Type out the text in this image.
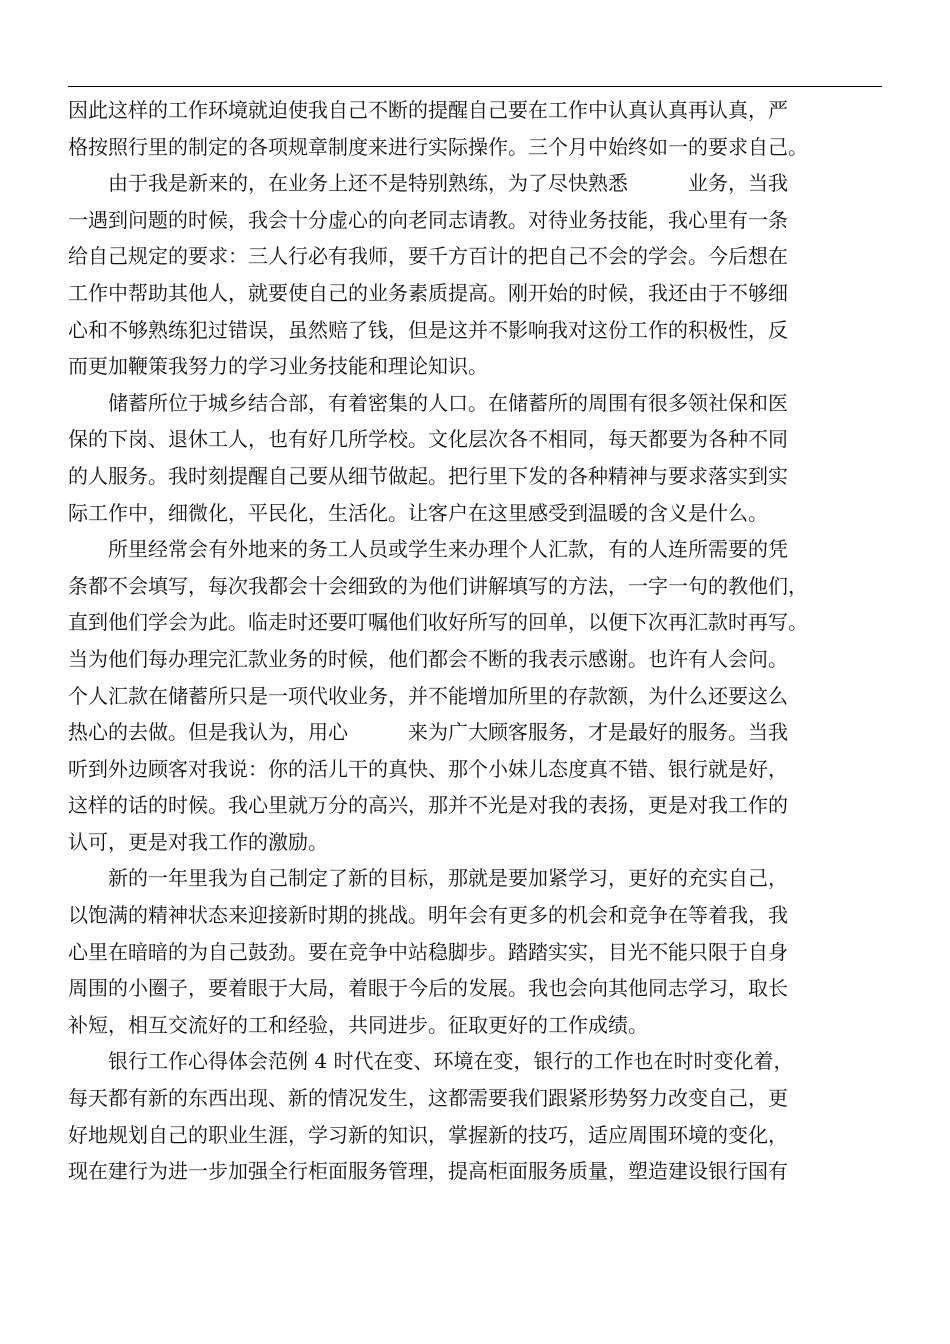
因此这样的工作环境就迫使我自己不断的提醒自己要在工作中认真认真再认真，严
格按照行里的制定的各项规章制度来进行实际操作。三个月中始终如一的要求自己。
由于我是新来的，在业务上还不是特别熟练，为了尽快熟悉　　　业务，当我
一遇到问题的时候，我会十分虚心的向老同志请教。对待业务技能，我心里有一条
给自己规定的要求：三人行必有我师，要千方百计的把自己不会的学会。今后想在
工作中帮助其他人，就要使自己的业务素质提高。刚开始的时候，我还由于不够细
心和不够熟练犯过错误，虽然赔了钱，但是这并不影响我对这份工作的积极性，反
而更加鞭策我努力的学习业务技能和理论知识。
储蓄所位于城乡结合部，有着密集的人口。在储蓄所的周围有很多领社保和医
保的下岗、退休工人，也有好几所学校。文化层次各不相同，每天都要为各种不同
的人服务。我时刻提醒自己要从细节做起。把行里下发的各种精神与要求落实到实
际工作中，细微化，平民化，生活化。让客户在这里感受到温暖的含义是什么。
所里经常会有外地来的务工人员或学生来办理个人汇款，有的人连所需要的凭
条都不会填写，每次我都会十会细致的为他们讲解填写的方法，一字一句的教他们，
直到他们学会为此。临走时还要叮嘱他们收好所写的回单，以便下次再汇款时再写。
当为他们每办理完汇款业务的时候，他们都会不断的我表示感谢。也许有人会问。
个人汇款在储蓄所只是一项代收业务，并不能增加所里的存款额，为什么还要这么
热心的去做。但是我认为，用心　　　来为广大顾客服务，才是最好的服务。当我
听到外边顾客对我说：你的活儿干的真快、那个小妹儿态度真不错、银行就是好，
这样的话的时候。我心里就万分的高兴，那并不光是对我的表扬，更是对我工作的
认可，更是对我工作的激励。
新的一年里我为自己制定了新的目标，那就是要加紧学习，更好的充实自己，
以饱满的精神状态来迎接新时期的挑战。明年会有更多的机会和竞争在等着我，我
心里在暗暗的为自己鼓劲。要在竞争中站稳脚步。踏踏实实，目光不能只限于自身
周围的小圈子，要着眼于大局，着眼于今后的发展。我也会向其他同志学习，取长
补短，相互交流好的工和经验，共同进步。征取更好的工作成绩。
银行工作心得体会范例 4 时代在变、环境在变，银行的工作也在时时变化着，
每天都有新的东西出现、新的情况发生，这都需要我们跟紧形势努力改变自己，更
好地规划自己的职业生涯，学习新的知识，掌握新的技巧，适应周围环境的变化，
现在建行为进一步加强全行柜面服务管理，提高柜面服务质量，塑造建设银行国有
